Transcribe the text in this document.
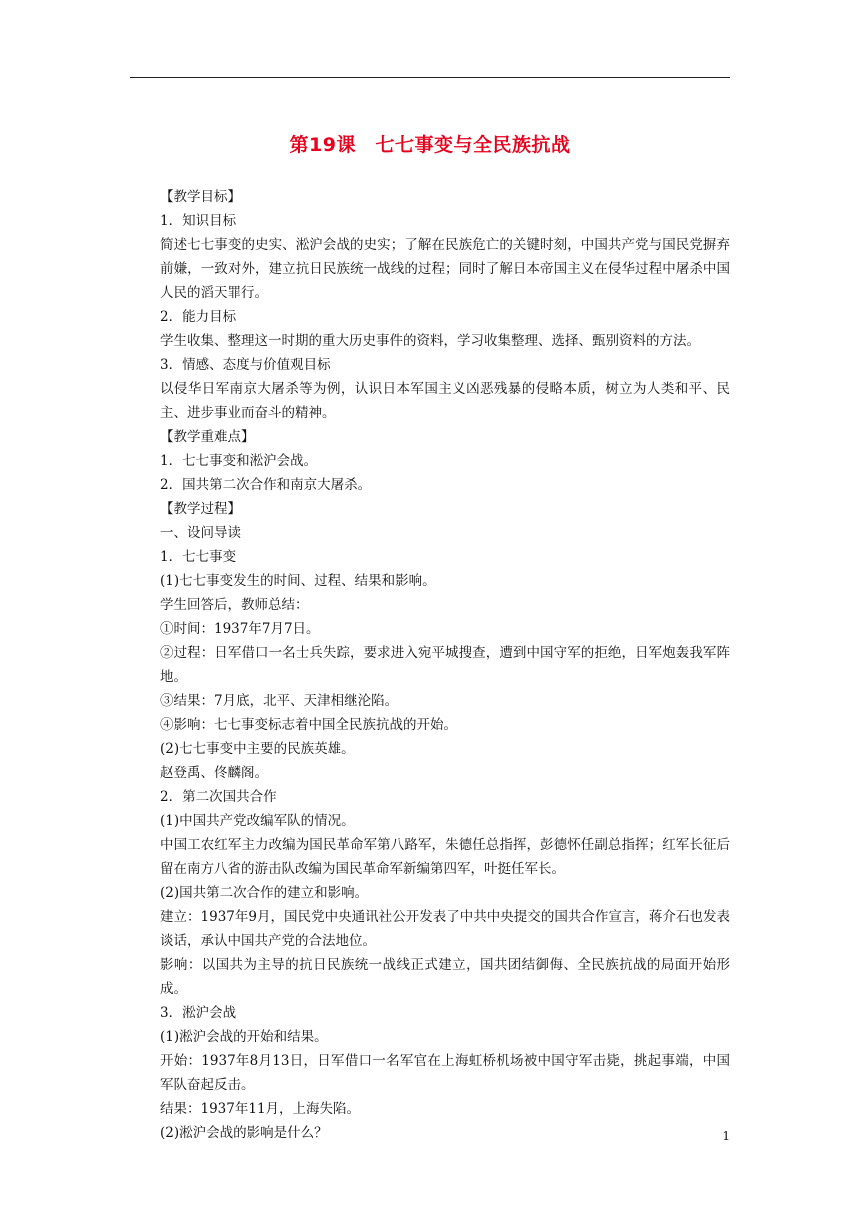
第19课　七七事变与全民族抗战

【教学目标】

1．知识目标

简述七七事变的史实、淞沪会战的史实；了解在民族危亡的关键时刻，中国共产党与国民党摒弃前嫌，一致对外，建立抗日民族统一战线的过程；同时了解日本帝国主义在侵华过程中屠杀中国人民的滔天罪行。

2．能力目标

学生收集、整理这一时期的重大历史事件的资料，学习收集整理、选择、甄别资料的方法。

3．情感、态度与价值观目标

以侵华日军南京大屠杀等为例，认识日本军国主义凶恶残暴的侵略本质，树立为人类和平、民主、进步事业而奋斗的精神。

【教学重难点】

1．七七事变和淞沪会战。

2．国共第二次合作和南京大屠杀。

【教学过程】

一、设问导读

1．七七事变

(1)七七事变发生的时间、过程、结果和影响。

学生回答后，教师总结：

①时间：1937年7月7日。

②过程：日军借口一名士兵失踪，要求进入宛平城搜查，遭到中国守军的拒绝，日军炮轰我军阵地。

③结果：7月底，北平、天津相继沦陷。

④影响：七七事变标志着中国全民族抗战的开始。

(2)七七事变中主要的民族英雄。

赵登禹、佟麟阁。

2．第二次国共合作

(1)中国共产党改编军队的情况。

中国工农红军主力改编为国民革命军第八路军，朱德任总指挥，彭德怀任副总指挥；红军长征后留在南方八省的游击队改编为国民革命军新编第四军，叶挺任军长。

(2)国共第二次合作的建立和影响。

建立：1937年9月，国民党中央通讯社公开发表了中共中央提交的国共合作宣言，蒋介石也发表谈话，承认中国共产党的合法地位。

影响：以国共为主导的抗日民族统一战线正式建立，国共团结御侮、全民族抗战的局面开始形成。

3．淞沪会战

(1)淞沪会战的开始和结果。

开始：1937年8月13日，日军借口一名军官在上海虹桥机场被中国守军击毙，挑起事端，中国军队奋起反击。

结果：1937年11月，上海失陷。

(2)淞沪会战的影响是什么？	1
